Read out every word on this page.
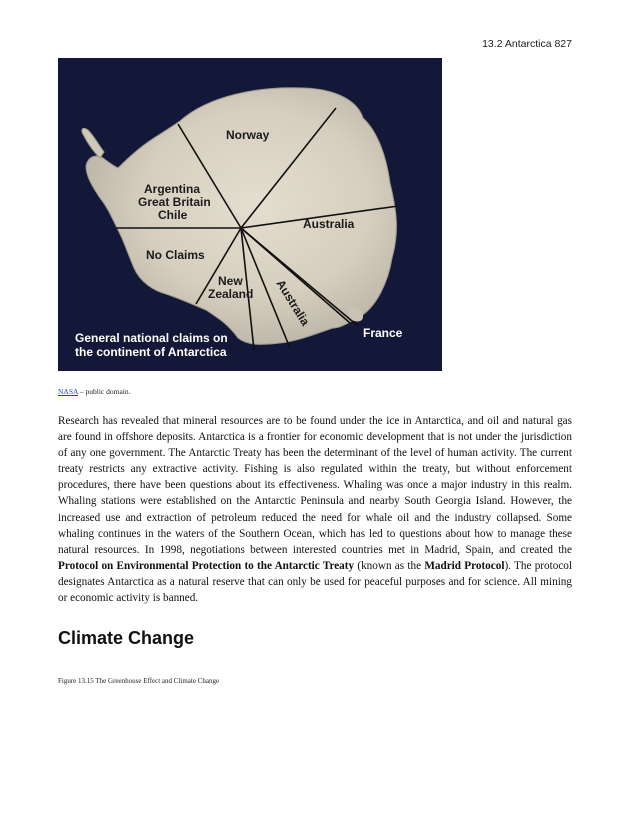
13.2 Antarctica 827
Norway
Argentina
Great Britain
Chile
Australia
No Claims
New
Zealand Australia
France
General national claims on
the continent of Antarctica
NASA – public domain.

Research has revealed that mineral resources are to be found under the ice in Antarctica, and oil and natural gas are found in offshore deposits. Antarctica is a frontier for economic development that is not under the jurisdiction of any one government. The Antarctic Treaty has been the determinant of the level of human activity. The current treaty restricts any extractive activity. Fishing is also regulated within the treaty, but without enforcement procedures, there have been questions about its effectiveness. Whaling was once a major industry in this realm. Whaling stations were established on the Antarctic Peninsula and nearby South Georgia Island. However, the increased use and extraction of petroleum reduced the need for whale oil and the industry collapsed. Some whaling continues in the waters of the Southern Ocean, which has led to questions about how to manage these natural resources. In 1998, negotiations between interested countries met in Madrid, Spain, and created the Protocol on Environmental Protection to the Antarctic Treaty (known as the Madrid Protocol). The protocol designates Antarctica as a natural reserve that can only be used for peaceful purposes and for science. All mining or economic activity is banned.

Climate Change
Figure 13.15 The Greenhouse Effect and Climate Change
